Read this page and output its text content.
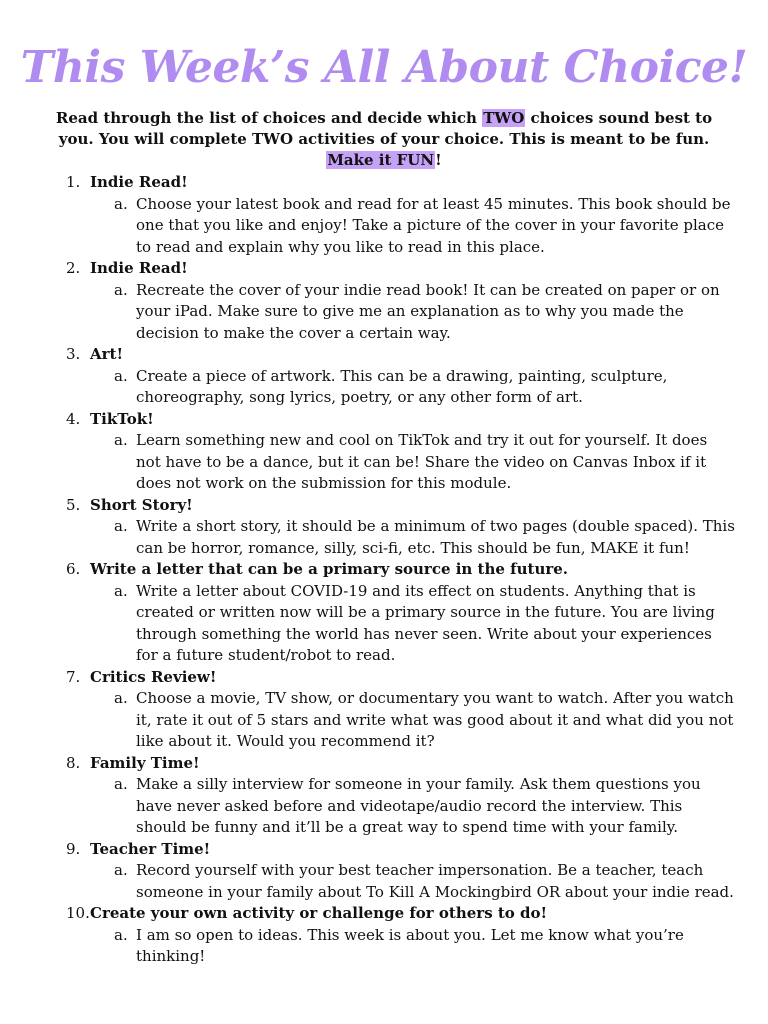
This Week’s All About Choice!
Read through the list of choices and decide which TWO choices sound best to you. You will complete TWO activities of your choice. This is meant to be fun. Make it FUN!
1. Indie Read!
a. Choose your latest book and read for at least 45 minutes. This book should be one that you like and enjoy! Take a picture of the cover in your favorite place to read and explain why you like to read in this place.
2. Indie Read!
a. Recreate the cover of your indie read book! It can be created on paper or on your iPad. Make sure to give me an explanation as to why you made the decision to make the cover a certain way.
3. Art!
a. Create a piece of artwork. This can be a drawing, painting, sculpture, choreography, song lyrics, poetry, or any other form of art.
4. TikTok!
a. Learn something new and cool on TikTok and try it out for yourself. It does not have to be a dance, but it can be! Share the video on Canvas Inbox if it does not work on the submission for this module.
5. Short Story!
a. Write a short story, it should be a minimum of two pages (double spaced). This can be horror, romance, silly, sci-fi, etc. This should be fun, MAKE it fun!
6. Write a letter that can be a primary source in the future.
a. Write a letter about COVID-19 and its effect on students. Anything that is created or written now will be a primary source in the future. You are living through something the world has never seen. Write about your experiences for a future student/robot to read.
7. Critics Review!
a. Choose a movie, TV show, or documentary you want to watch. After you watch it, rate it out of 5 stars and write what was good about it and what did you not like about it. Would you recommend it?
8. Family Time!
a. Make a silly interview for someone in your family. Ask them questions you have never asked before and videotape/audio record the interview. This should be funny and it’ll be a great way to spend time with your family.
9. Teacher Time!
a. Record yourself with your best teacher impersonation. Be a teacher, teach someone in your family about To Kill A Mockingbird OR about your indie read.
10. Create your own activity or challenge for others to do!
a. I am so open to ideas. This week is about you. Let me know what you’re thinking!
